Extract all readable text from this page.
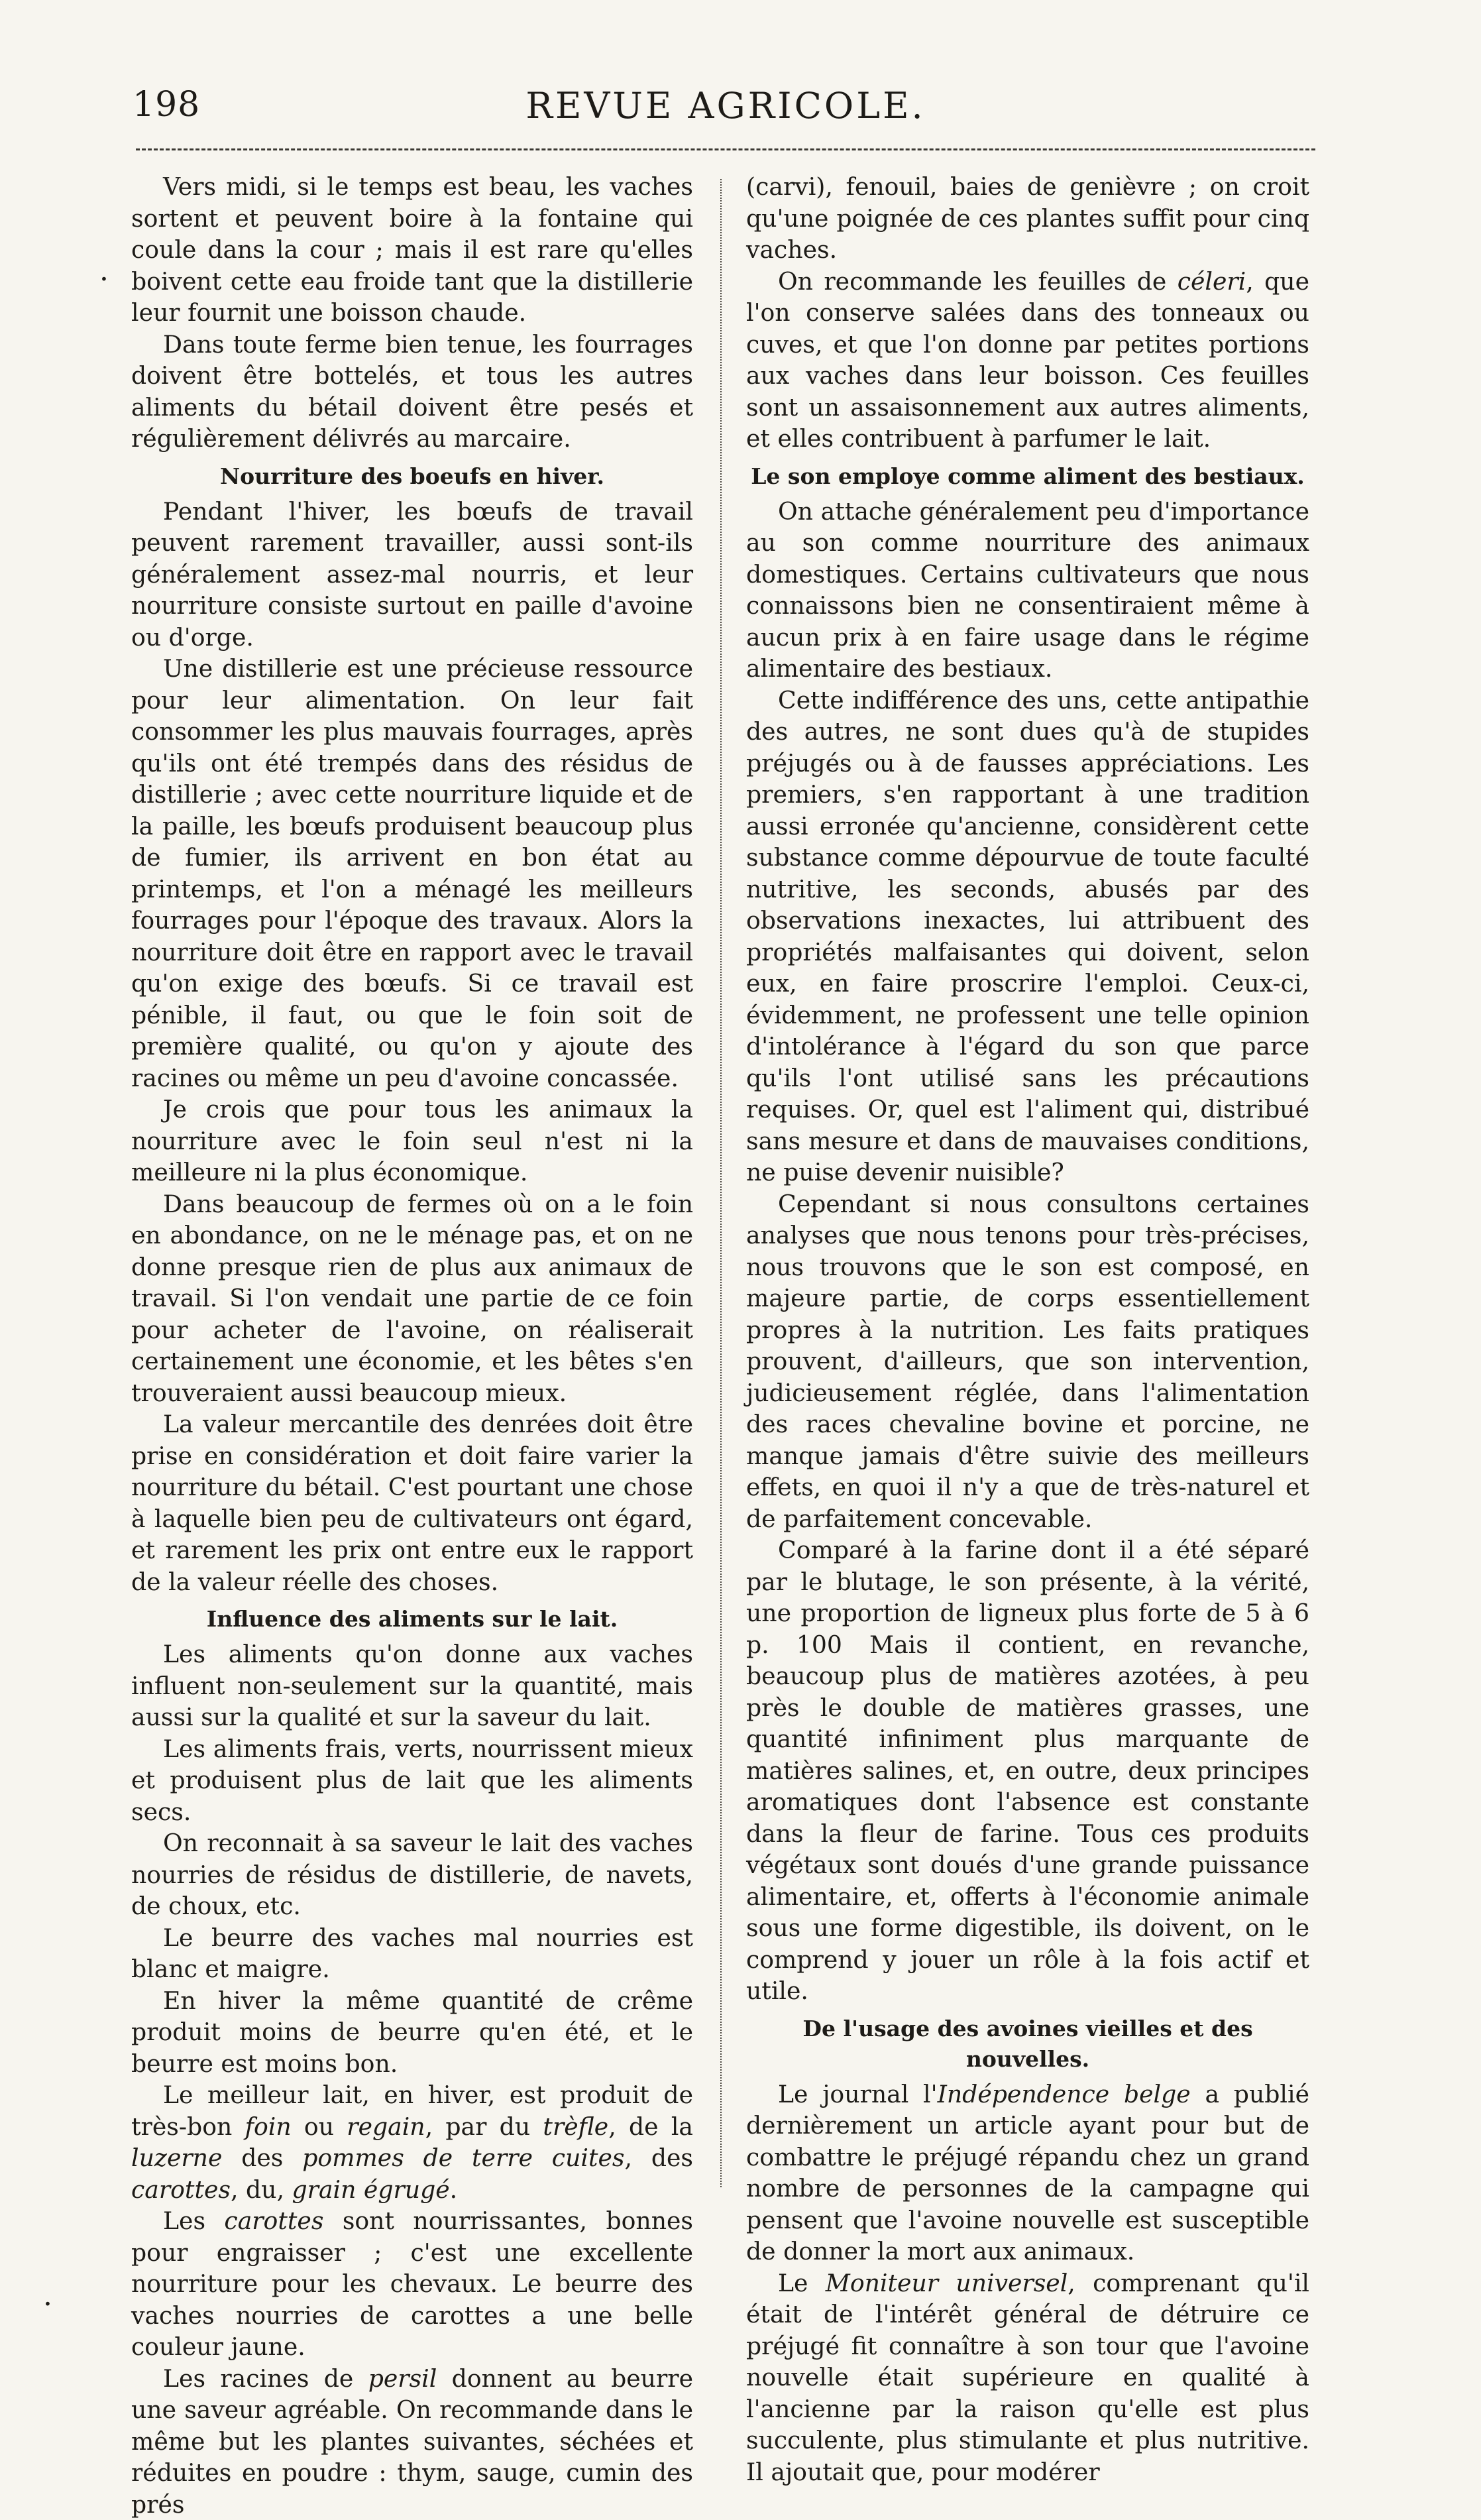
198	REVUE AGRICOLE.

Vers midi, si le temps est beau, les vaches sortent et peuvent boire à la fontaine qui coule dans la cour ; mais il est rare qu'elles boivent cette eau froide tant que la distillerie leur fournit une boisson chaude.

Dans toute ferme bien tenue, les fourrages doivent être bottelés, et tous les autres aliments du bétail doivent être pesés et régulièrement délivrés au marcaire.

Nourriture des boeufs en hiver.

Pendant l'hiver, les bœufs de travail peuvent rarement travailler, aussi sont-ils généralement assez-mal nourris, et leur nourriture consiste surtout en paille d'avoine ou d'orge.

Une distillerie est une précieuse ressource pour leur alimentation. On leur fait consommer les plus mauvais fourrages, après qu'ils ont été trempés dans des résidus de distillerie ; avec cette nourriture liquide et de la paille, les bœufs produisent beaucoup plus de fumier, ils arrivent en bon état au printemps, et l'on a ménagé les meilleurs fourrages pour l'époque des travaux. Alors la nourriture doit être en rapport avec le travail qu'on exige des bœufs. Si ce travail est pénible, il faut, ou que le foin soit de première qualité, ou qu'on y ajoute des racines ou même un peu d'avoine concassée.

Je crois que pour tous les animaux la nourriture avec le foin seul n'est ni la meilleure ni la plus économique.

Dans beaucoup de fermes où on a le foin en abondance, on ne le ménage pas, et on ne donne presque rien de plus aux animaux de travail. Si l'on vendait une partie de ce foin pour acheter de l'avoine, on réaliserait certainement une économie, et les bêtes s'en trouveraient aussi beaucoup mieux.

La valeur mercantile des denrées doit être prise en considération et doit faire varier la nourriture du bétail. C'est pourtant une chose à laquelle bien peu de cultivateurs ont égard, et rarement les prix ont entre eux le rapport de la valeur réelle des choses.

Influence des aliments sur le lait.

Les aliments qu'on donne aux vaches influent non-seulement sur la quantité, mais aussi sur la qualité et sur la saveur du lait.

Les aliments frais, verts, nourrissent mieux et produisent plus de lait que les aliments secs.

On reconnait à sa saveur le lait des vaches nourries de résidus de distillerie, de navets, de choux, etc.

Le beurre des vaches mal nourries est blanc et maigre.

En hiver la même quantité de crême produit moins de beurre qu'en été, et le beurre est moins bon.

Le meilleur lait, en hiver, est produit de très-bon foin ou regain, par du trèfle, de la luzerne des pommes de terre cuites, des carottes, du, grain égrugé.

Les carottes sont nourrissantes, bonnes pour engraisser ; c'est une excellente nourriture pour les chevaux. Le beurre des vaches nourries de carottes a une belle couleur jaune.

Les racines de persil donnent au beurre une saveur agréable. On recommande dans le même but les plantes suivantes, séchées et réduites en poudre : thym, sauge, cumin des prés

(carvi), fenouil, baies de genièvre ; on croit qu'une poignée de ces plantes suffit pour cinq vaches.

On recommande les feuilles de céleri, que l'on conserve salées dans des tonneaux ou cuves, et que l'on donne par petites portions aux vaches dans leur boisson. Ces feuilles sont un assaisonnement aux autres aliments, et elles contribuent à parfumer le lait.

Le son employe comme aliment des bestiaux.

On attache généralement peu d'importance au son comme nourriture des animaux domestiques. Certains cultivateurs que nous connaissons bien ne consentiraient même à aucun prix à en faire usage dans le régime alimentaire des bestiaux.

Cette indifférence des uns, cette antipathie des autres, ne sont dues qu'à de stupides préjugés ou à de fausses appréciations. Les premiers, s'en rapportant à une tradition aussi erronée qu'ancienne, considèrent cette substance comme dépourvue de toute faculté nutritive, les seconds, abusés par des observations inexactes, lui attribuent des propriétés malfaisantes qui doivent, selon eux, en faire proscrire l'emploi. Ceux-ci, évidemment, ne professent une telle opinion d'intolérance à l'égard du son que parce qu'ils l'ont utilisé sans les précautions requises. Or, quel est l'aliment qui, distribué sans mesure et dans de mauvaises conditions, ne puise devenir nuisible?

Cependant si nous consultons certaines analyses que nous tenons pour très-précises, nous trouvons que le son est composé, en majeure partie, de corps essentiellement propres à la nutrition. Les faits pratiques prouvent, d'ailleurs, que son intervention, judicieusement réglée, dans l'alimentation des races chevaline bovine et porcine, ne manque jamais d'être suivie des meilleurs effets, en quoi il n'y a que de très-naturel et de parfaitement concevable.

Comparé à la farine dont il a été séparé par le blutage, le son présente, à la vérité, une proportion de ligneux plus forte de 5 à 6 p. 100 Mais il contient, en revanche, beaucoup plus de matières azotées, à peu près le double de matières grasses, une quantité infiniment plus marquante de matières salines, et, en outre, deux principes aromatiques dont l'absence est constante dans la fleur de farine. Tous ces produits végétaux sont doués d'une grande puissance alimentaire, et, offerts à l'économie animale sous une forme digestible, ils doivent, on le comprend y jouer un rôle à la fois actif et utile.

De l'usage des avoines vieilles et des nouvelles.

Le journal l'Indépendence belge a publié dernièrement un article ayant pour but de combattre le préjugé répandu chez un grand nombre de personnes de la campagne qui pensent que l'avoine nouvelle est susceptible de donner la mort aux animaux.

Le Moniteur universel, comprenant qu'il était de l'intérêt général de détruire ce préjugé fit connaître à son tour que l'avoine nouvelle était supérieure en qualité à l'ancienne par la raison qu'elle est plus succulente, plus stimulante et plus nutritive. Il ajoutait que, pour modérer

·
·
